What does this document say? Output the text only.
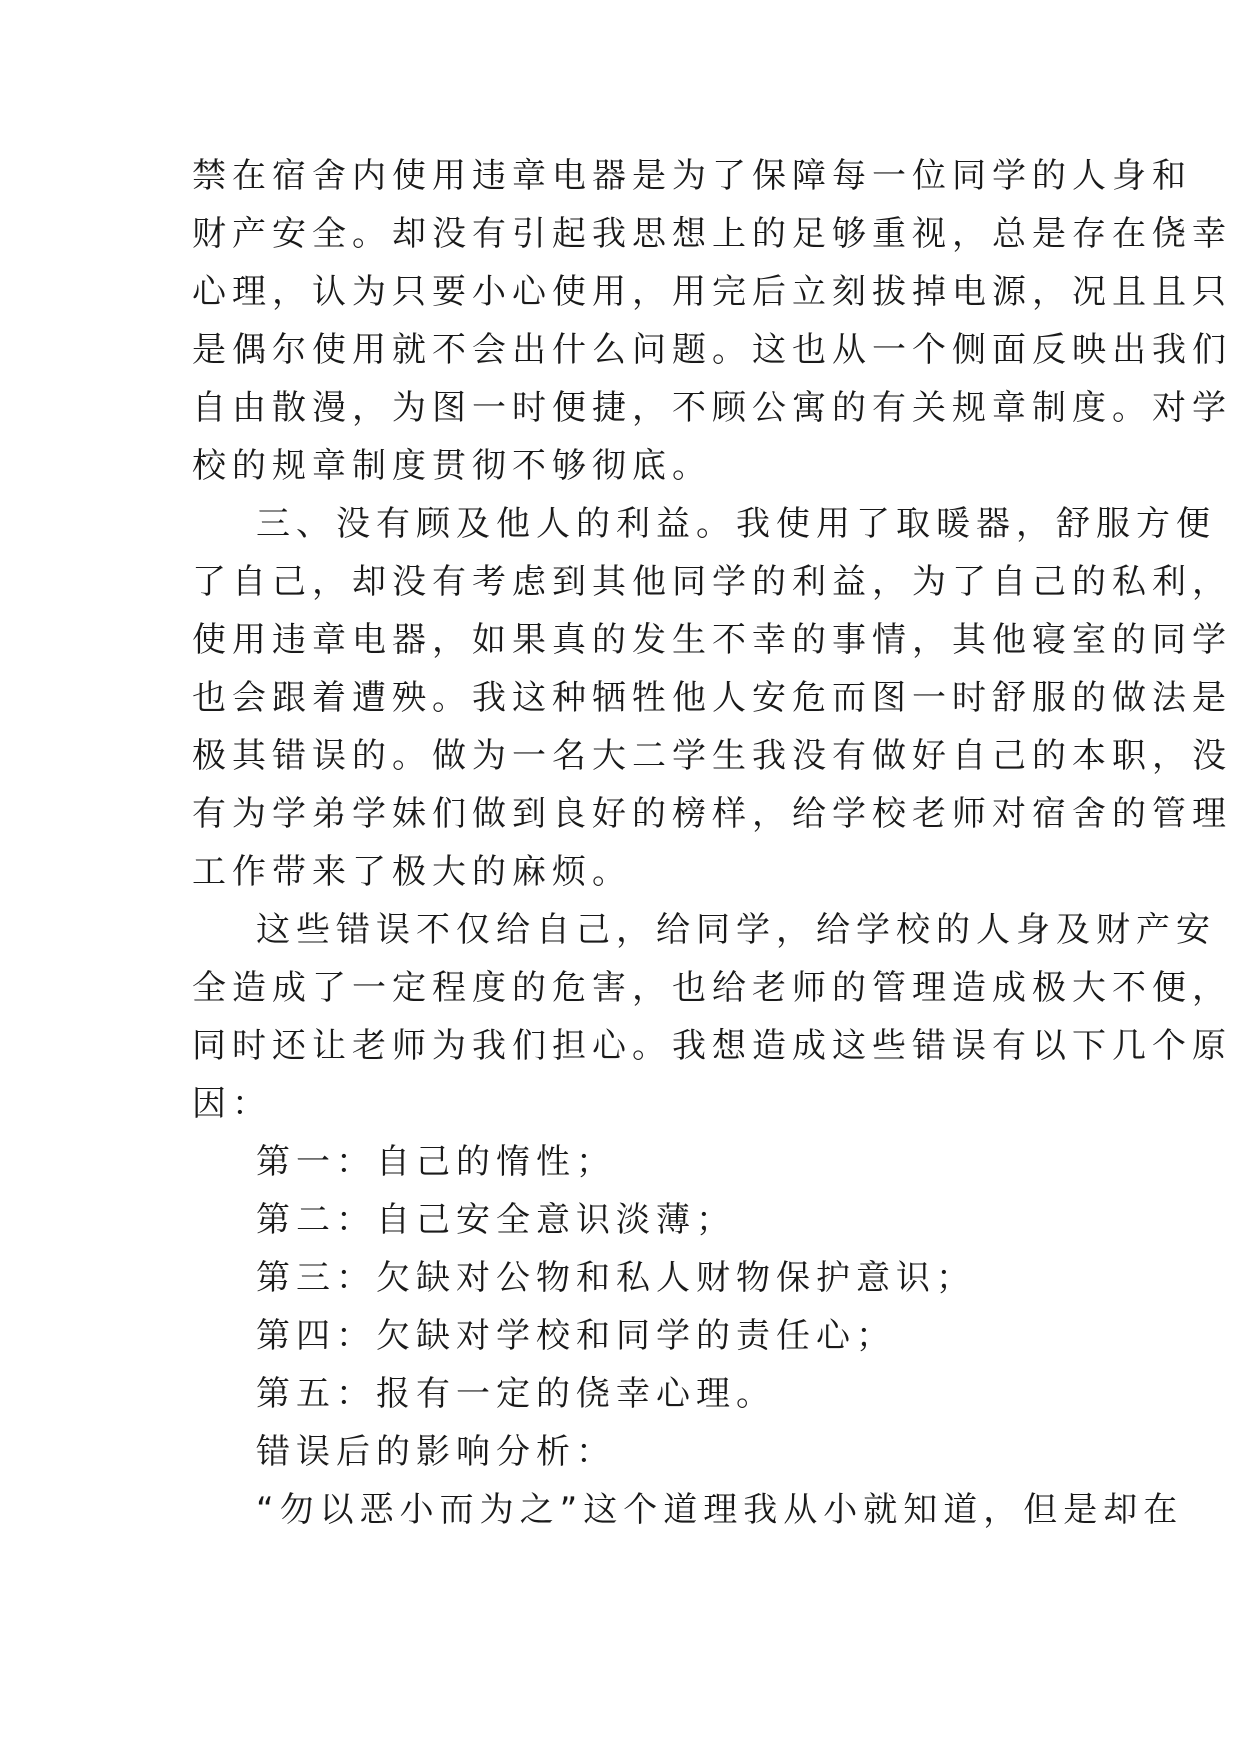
禁在宿舍内使用违章电器是为了保障每一位同学的人身和
财产安全。却没有引起我思想上的足够重视，总是存在侥幸
心理，认为只要小心使用，用完后立刻拔掉电源，况且且只
是偶尔使用就不会出什么问题。这也从一个侧面反映出我们
自由散漫，为图一时便捷，不顾公寓的有关规章制度。对学
校的规章制度贯彻不够彻底。
三、没有顾及他人的利益。我使用了取暖器，舒服方便
了自己，却没有考虑到其他同学的利益，为了自己的私利，
使用违章电器，如果真的发生不幸的事情，其他寝室的同学
也会跟着遭殃。我这种牺牲他人安危而图一时舒服的做法是
极其错误的。做为一名大二学生我没有做好自己的本职，没
有为学弟学妹们做到良好的榜样，给学校老师对宿舍的管理
工作带来了极大的麻烦。
这些错误不仅给自己，给同学，给学校的人身及财产安
全造成了一定程度的危害，也给老师的管理造成极大不便，
同时还让老师为我们担心。我想造成这些错误有以下几个原
因：
第一：自己的惰性；
第二：自己安全意识淡薄；
第三：欠缺对公物和私人财物保护意识；
第四：欠缺对学校和同学的责任心；
第五：报有一定的侥幸心理。
错误后的影响分析：
“勿以恶小而为之”这个道理我从小就知道，但是却在
